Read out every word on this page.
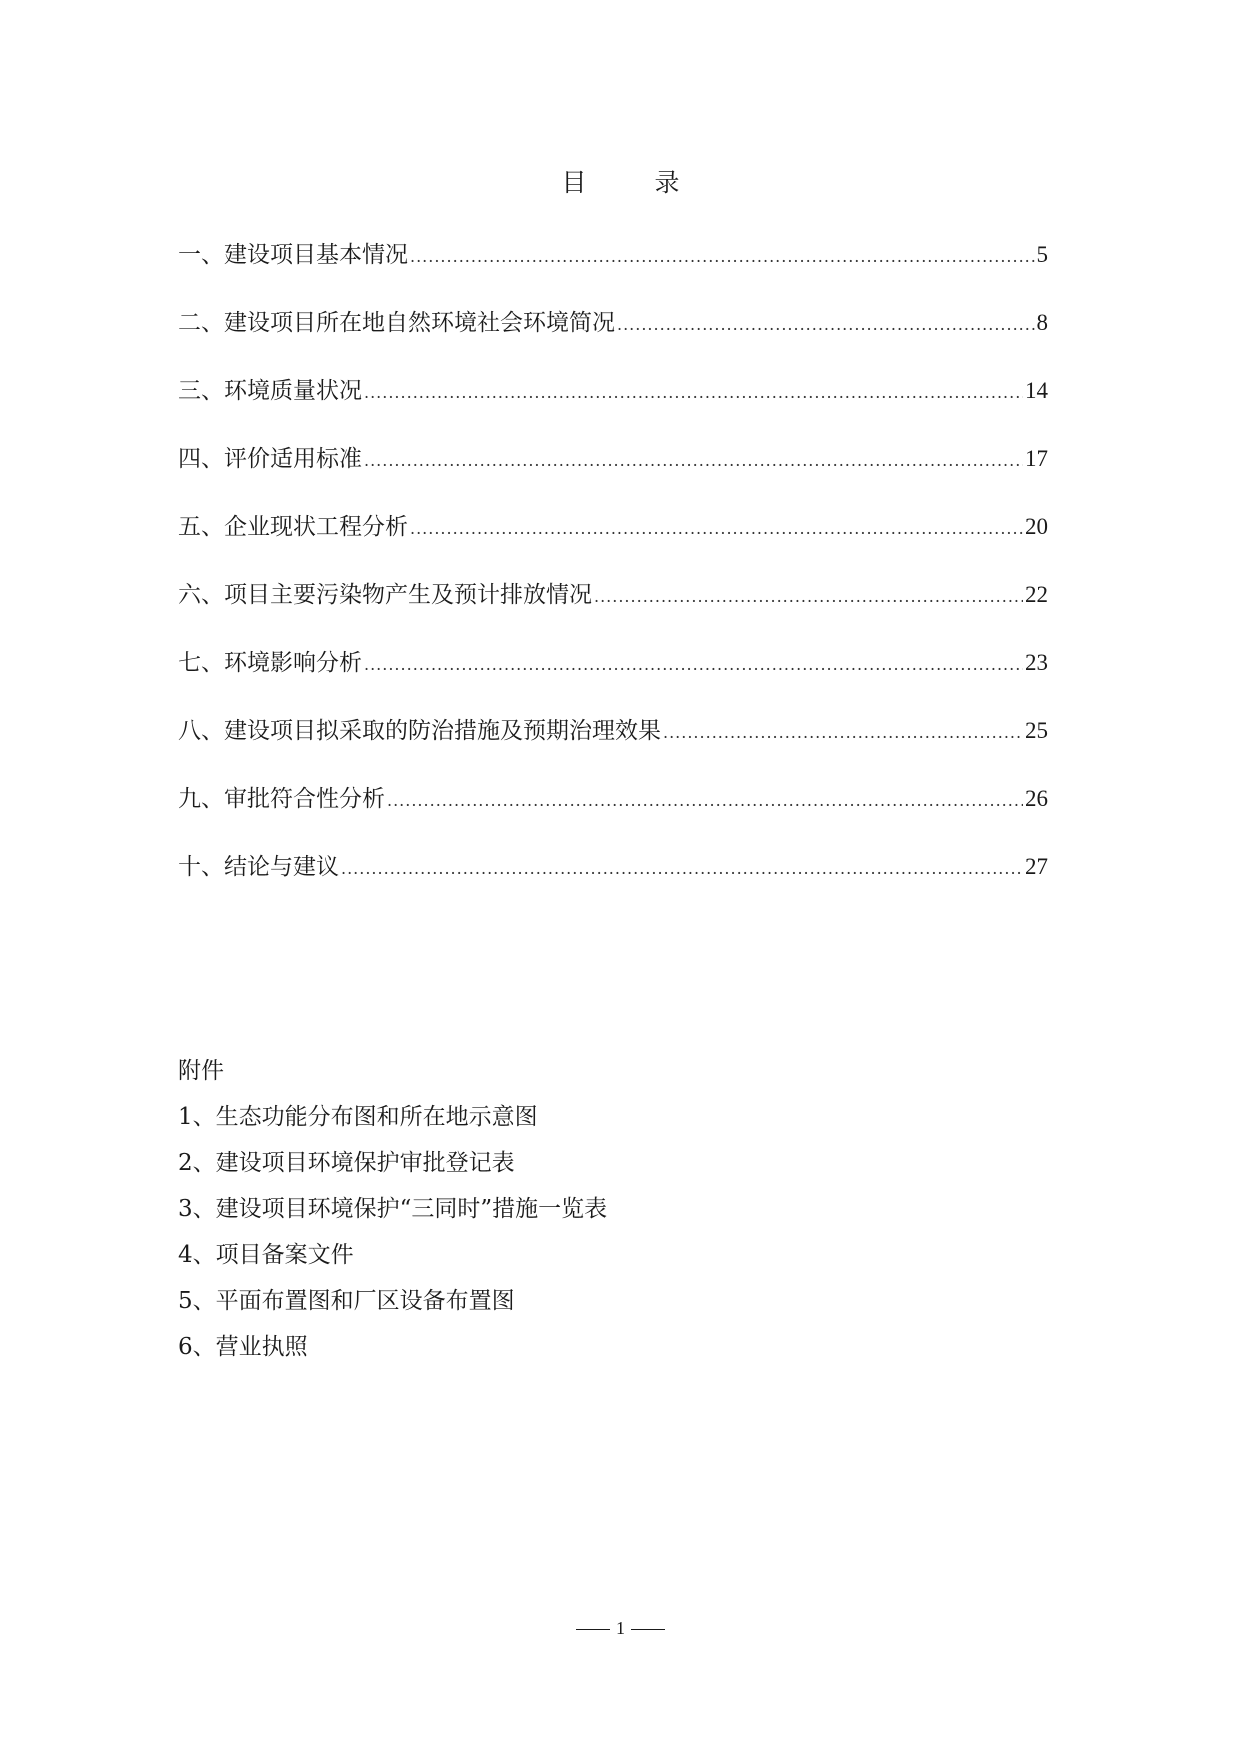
目 录
一、建设项目基本情况 .....	5
二、建设项目所在地自然环境社会环境简况 .....	8
三、环境质量状况 .....	14
四、评价适用标准 .....	17
五、企业现状工程分析 .....	20
六、项目主要污染物产生及预计排放情况 .....	22
七、环境影响分析 .....	23
八、建设项目拟采取的防治措施及预期治理效果 .....	25
九、审批符合性分析 .....	26
十、结论与建议 .....	27
附件
1、生态功能分布图和所在地示意图
2、建设项目环境保护审批登记表
3、建设项目环境保护“三同时”措施一览表
4、项目备案文件
5、平面布置图和厂区设备布置图
6、营业执照
1
